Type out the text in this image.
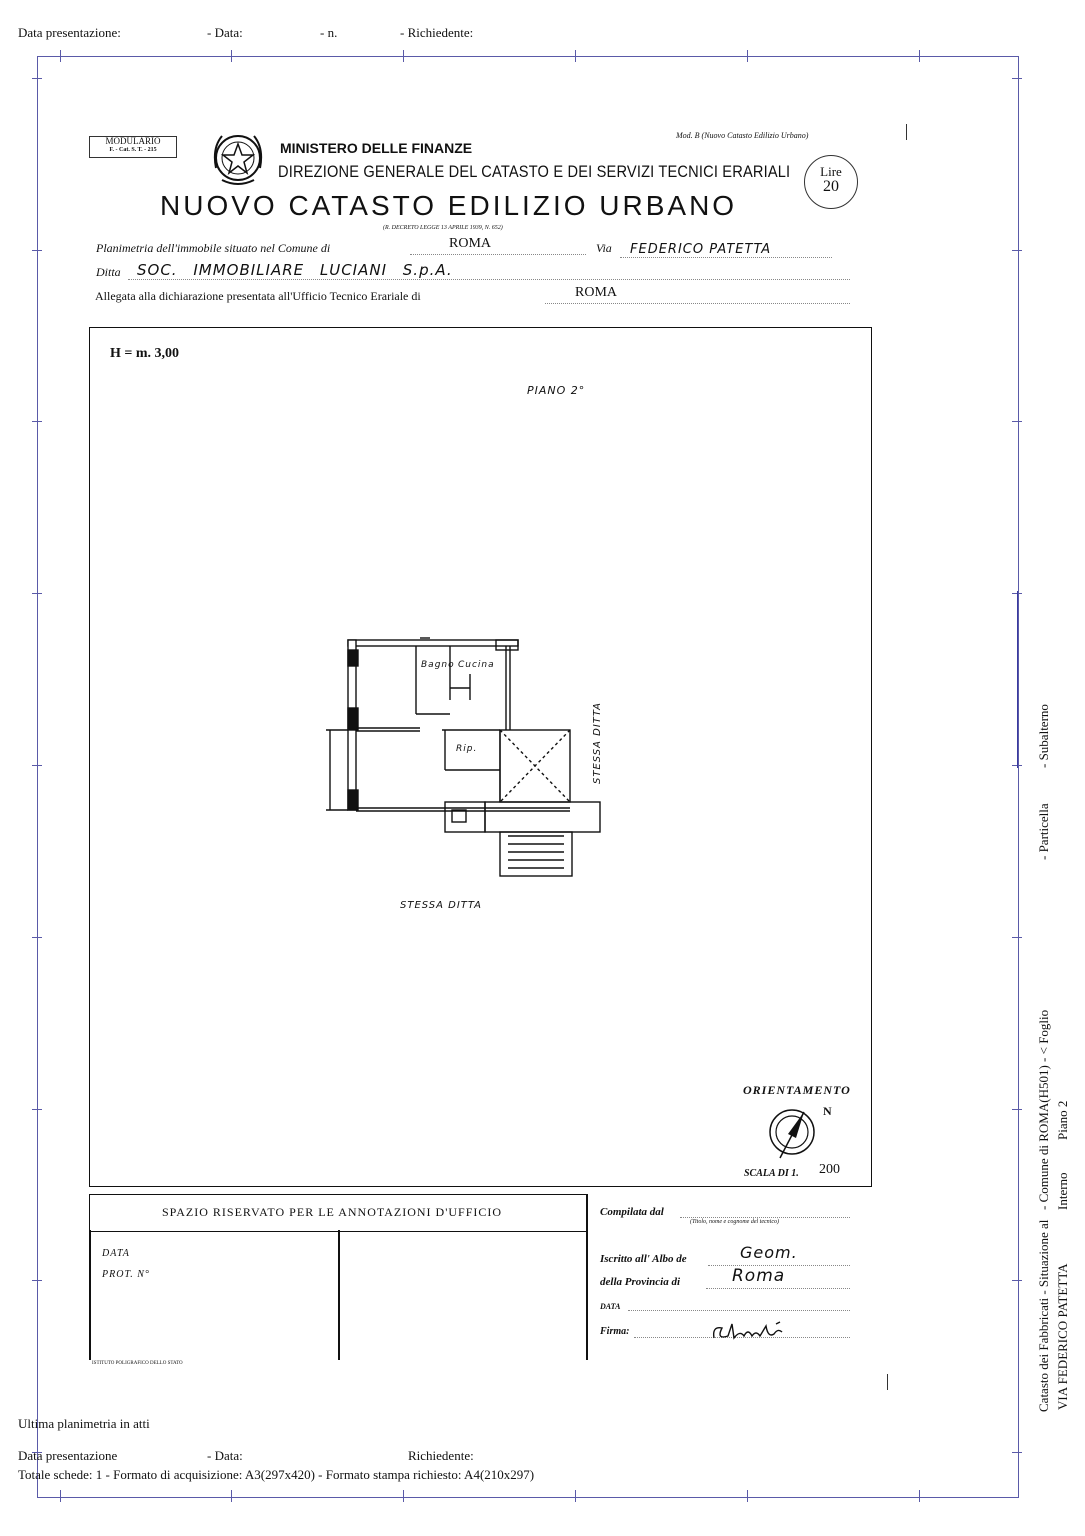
Data presentazione:	- Data:	- n.	- Richiedente:
MODULARIO
F. - Cat. S. T. - 215
Mod. B (Nuovo Catasto Edilizio Urbano)
MINISTERO DELLE FINANZE
DIREZIONE GENERALE DEL CATASTO E DEI SERVIZI TECNICI ERARIALI	Lire
20
NUOVO CATASTO EDILIZIO URBANO
(R. DECRETO LEGGE 13 APRILE 1939, N. 652)
Planimetria dell'immobile situato nel Comune di	ROMA	Via FEDERICO PATETTA
Ditta SOC. IMMOBILIARE LUCIANI S.p.A.
Allegata alla dichiarazione presentata all'Ufficio Tecnico Erariale di	ROMA
H = m. 3,00
PIANO 2°
Bagno Cucina
Rip.	STESSA DITTA
STESSA DITTA
ORIENTAMENTO
N
SCALA DI 1. 200
SPAZIO RISERVATO PER LE ANNOTAZIONI D'UFFICIO
DATA
PROT. N°
ISTITUTO POLIGRAFICO DELLO STATO
Compilata dal
(Titolo, nome e cognome del tecnico)
Iscritto all' Albo de	Geom.
della Provincia di	Roma
DATA
Firma:	Catasto dei Fabbricati - Situazione al
- Comune di ROMA(H501) - < Foglio
- Particella
- Subalterno
VIA FEDERICO PATETTA
Interno
Piano 2
Ultima planimetria in atti
Data presentazione	- Data:	Richiedente:
Totale schede: 1 - Formato di acquisizione: A3(297x420) - Formato stampa richiesto: A4(210x297)
